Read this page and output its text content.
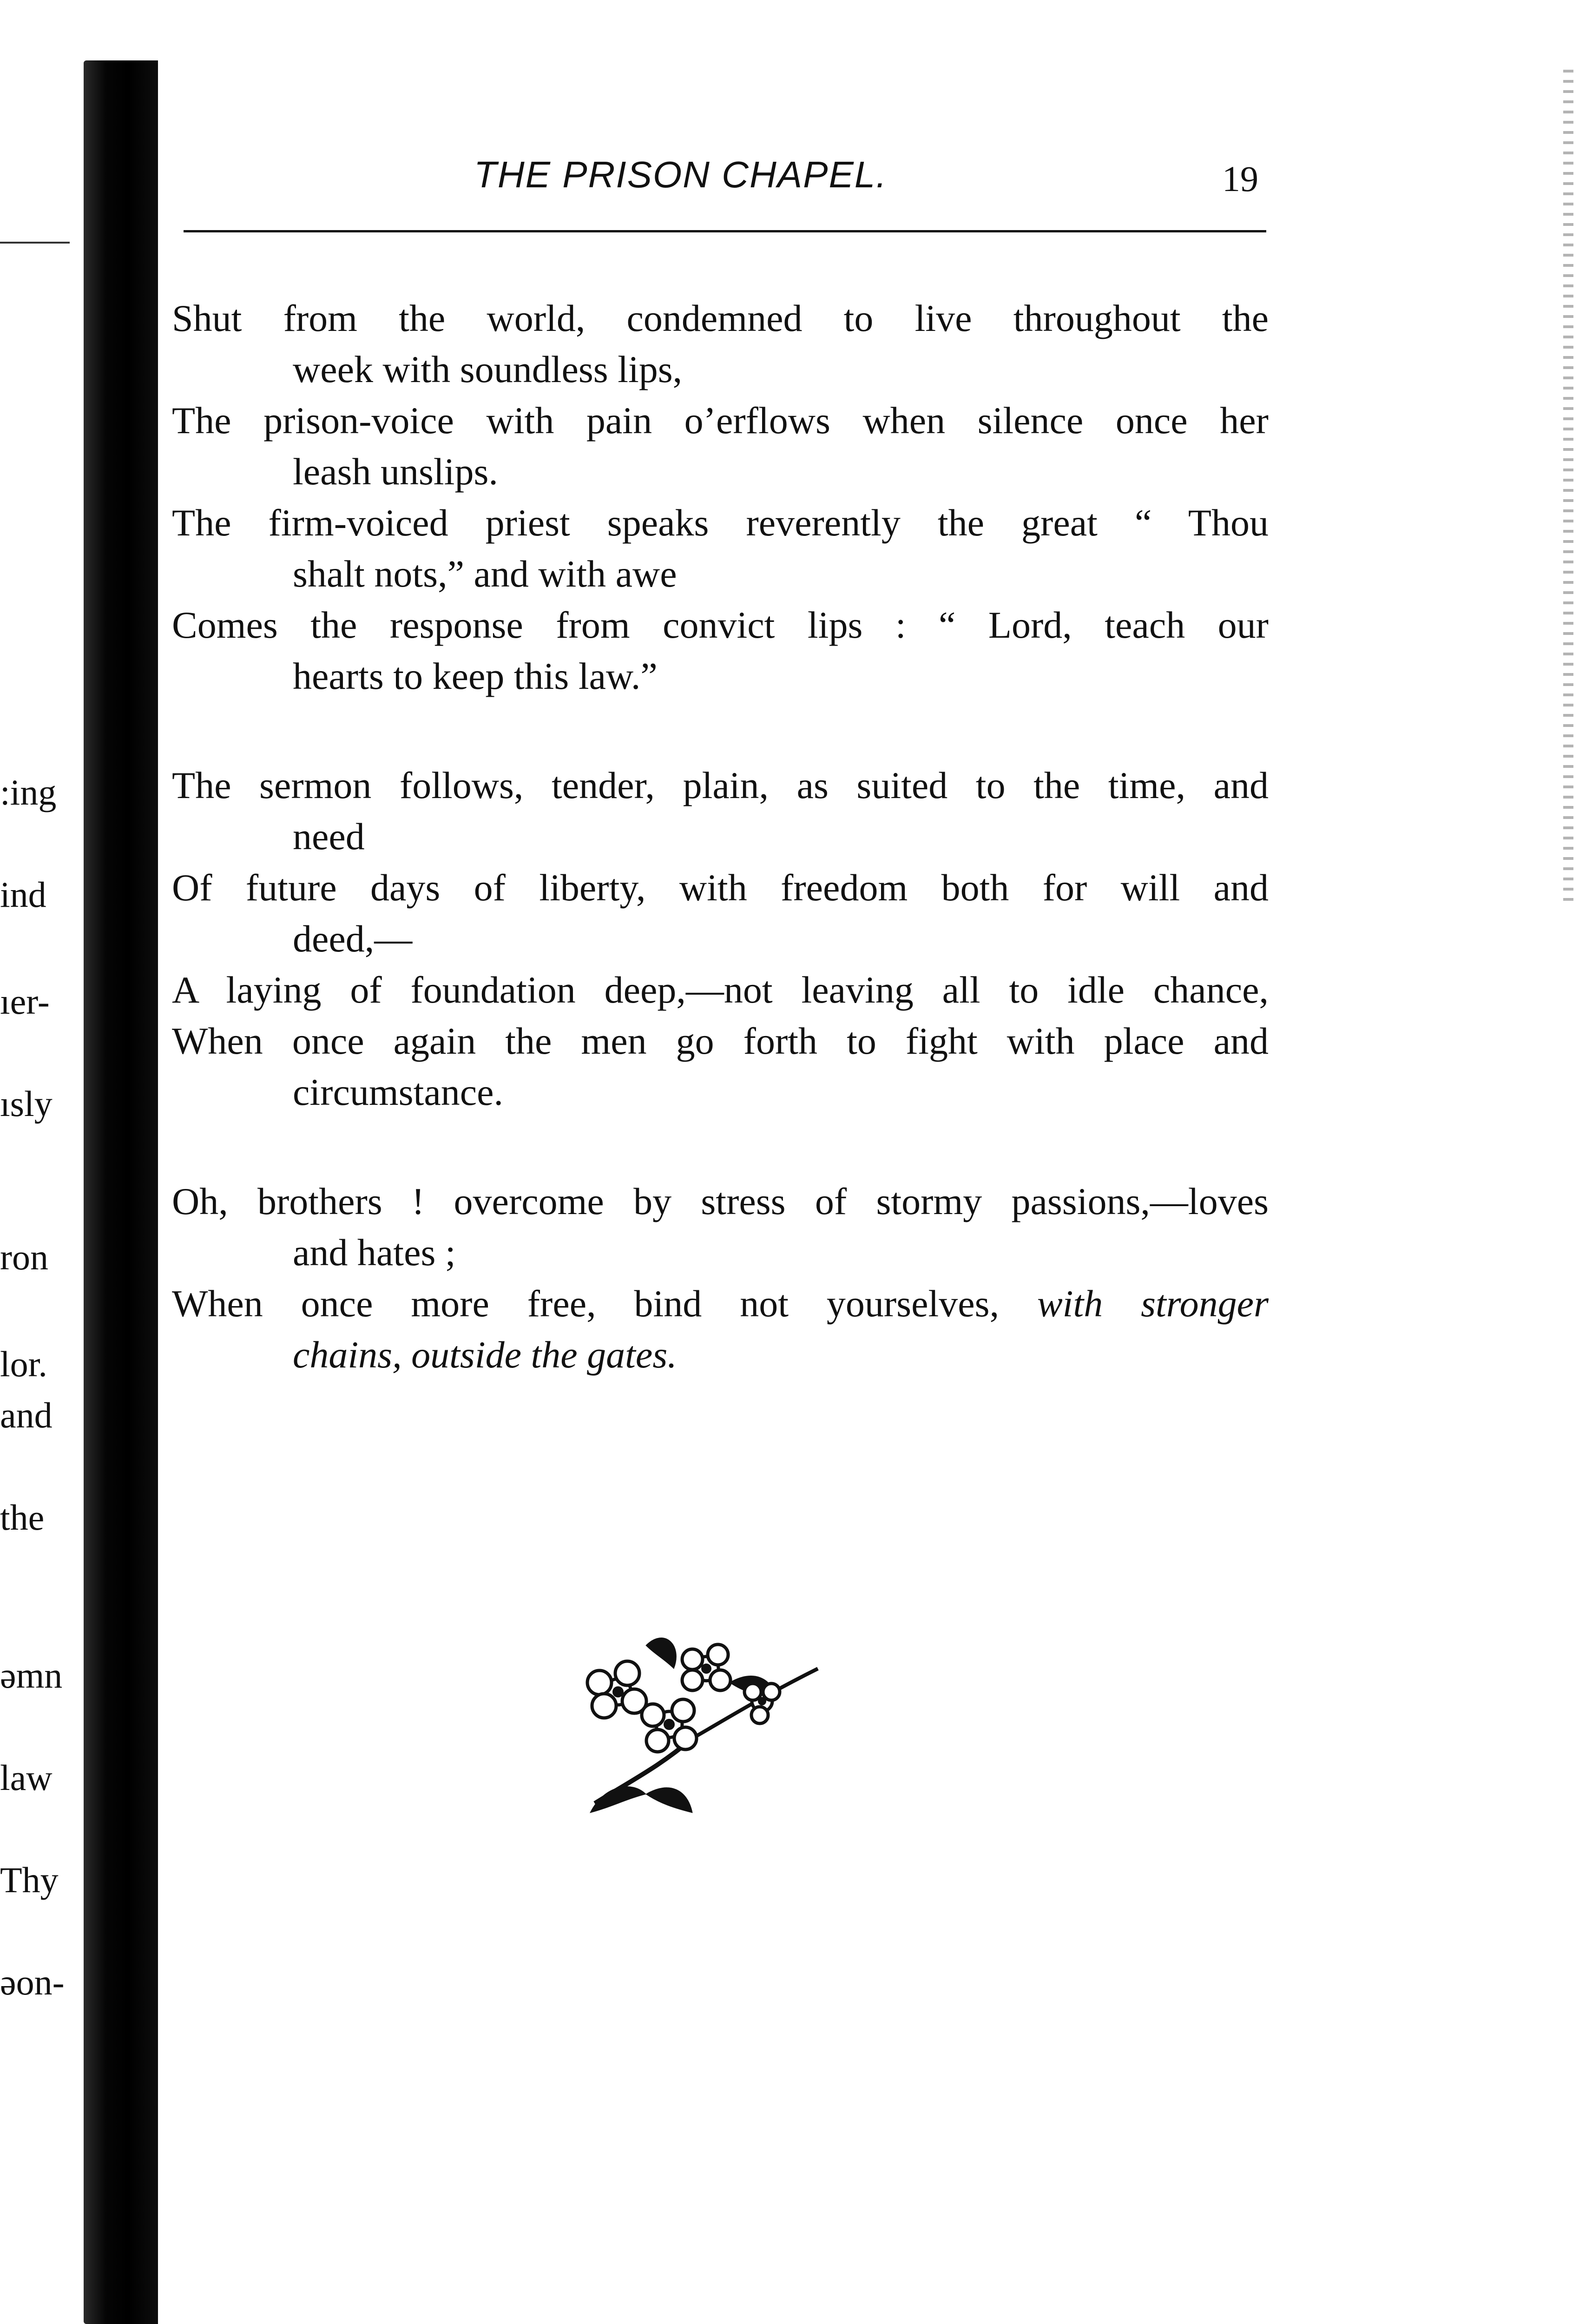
:ing
ind
ıer-
ısly
ron
lor.
and
the
əmn
law
Thy
əon-
THE PRISON CHAPEL.	19
Shut from the world, condemned to live throughout the
week with soundless lips,
The prison-voice with pain o’erflows when silence once her
leash unslips.
The firm-voiced priest speaks reverently the great “ Thou
shalt nots,” and with awe
Comes the response from convict lips : “ Lord, teach our
hearts to keep this law.”
The sermon follows, tender, plain, as suited to the time, and
need
Of future days of liberty, with freedom both for will and
deed,—
A laying of foundation deep,—not leaving all to idle chance,
When once again the men go forth to fight with place and
circumstance.
Oh, brothers ! overcome by stress of stormy passions,—loves
and hates ;
When once more free, bind not yourselves, with stronger
chains, outside the gates.
